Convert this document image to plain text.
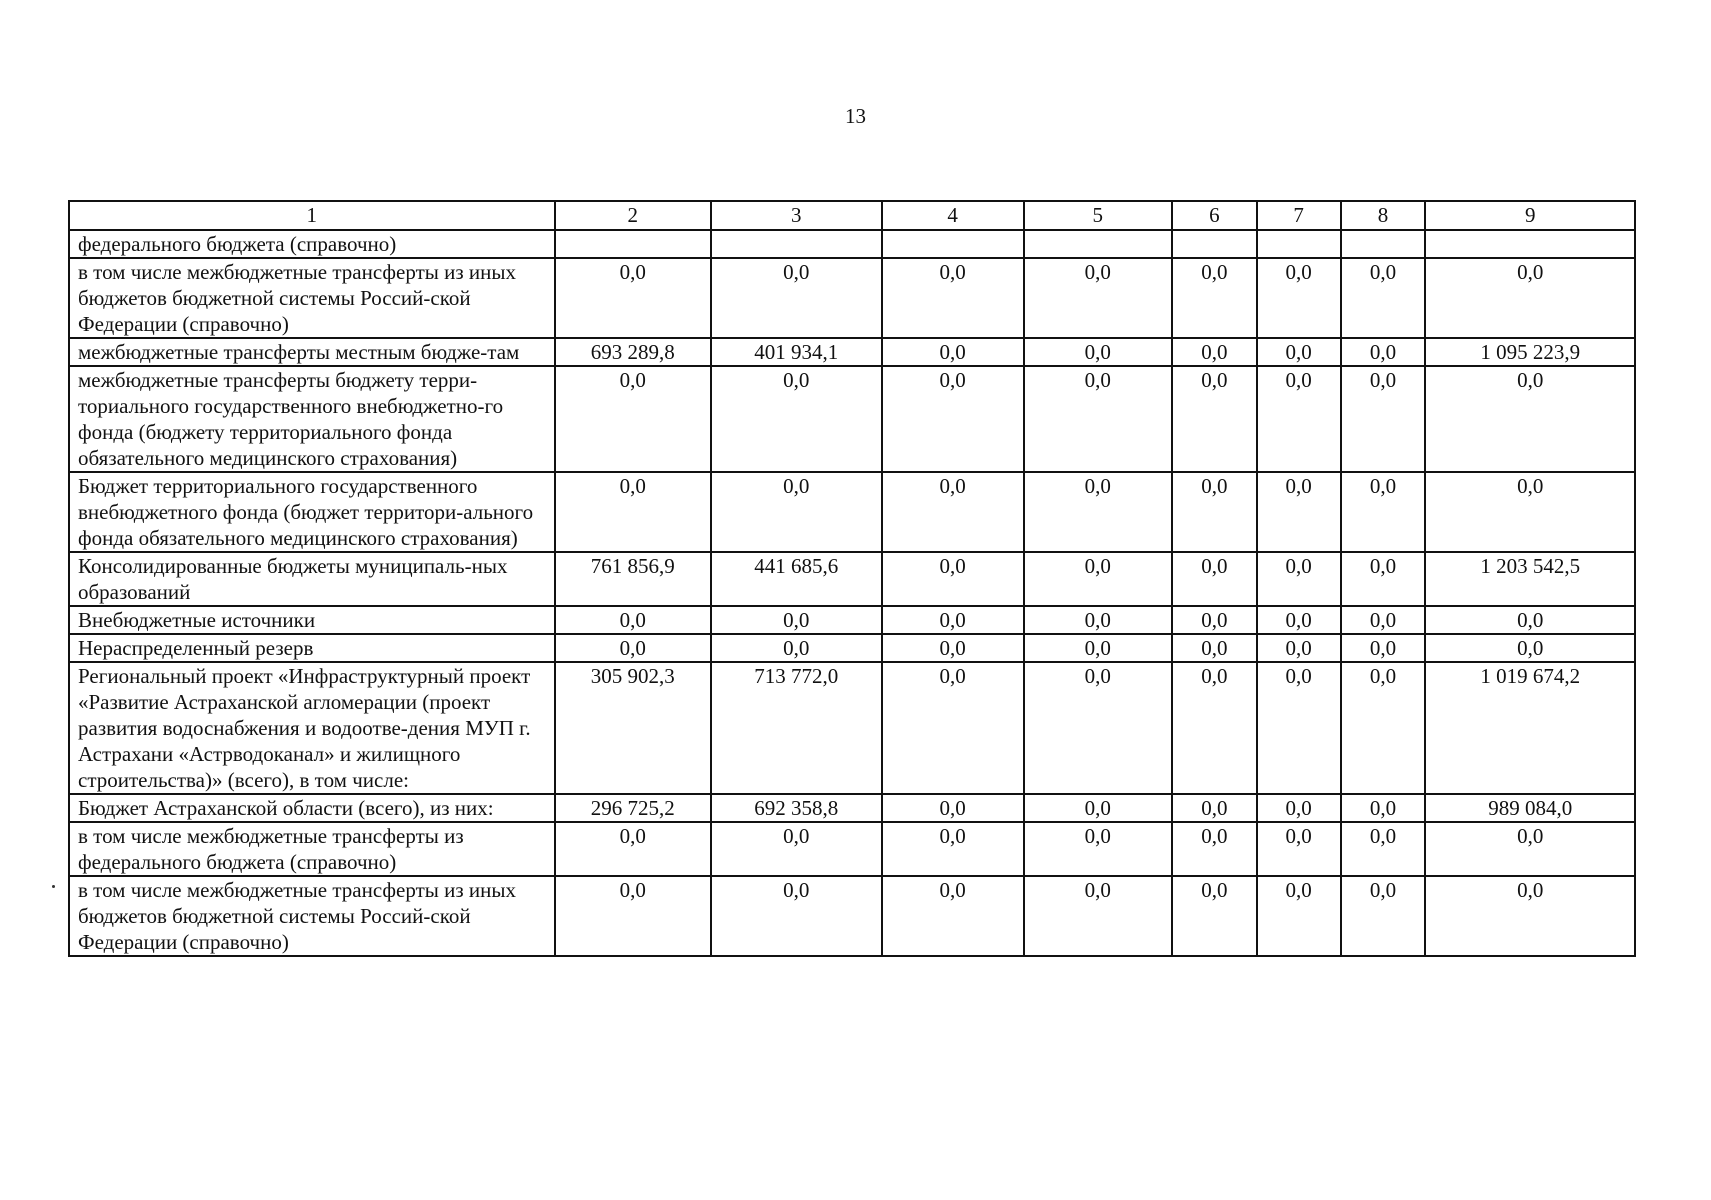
13
1	2	3	4	5	6	7	8	9
федерального бюджета (справочно)								
в том числе межбюджетные трансферты из иных бюджетов бюджетной системы Россий-ской Федерации (справочно)	0,0	0,0	0,0	0,0	0,0	0,0	0,0	0,0
межбюджетные трансферты местным бюдже-там	693 289,8	401 934,1	0,0	0,0	0,0	0,0	0,0	1 095 223,9
межбюджетные трансферты бюджету терри-ториального государственного внебюджетно-го фонда (бюджету территориального фонда обязательного медицинского страхования)	0,0	0,0	0,0	0,0	0,0	0,0	0,0	0,0
Бюджет территориального государственного внебюджетного фонда (бюджет территори-ального фонда обязательного медицинского страхования)	0,0	0,0	0,0	0,0	0,0	0,0	0,0	0,0
Консолидированные бюджеты муниципаль-ных образований	761 856,9	441 685,6	0,0	0,0	0,0	0,0	0,0	1 203 542,5
Внебюджетные источники	0,0	0,0	0,0	0,0	0,0	0,0	0,0	0,0
Нераспределенный резерв	0,0	0,0	0,0	0,0	0,0	0,0	0,0	0,0
Региональный проект «Инфраструктурный проект «Развитие Астраханской агломерации (проект развития водоснабжения и водоотве-дения МУП г. Астрахани «Астрводоканал» и жилищного строительства)» (всего), в том числе:	305 902,3	713 772,0	0,0	0,0	0,0	0,0	0,0	1 019 674,2
Бюджет Астраханской области (всего), из них:	296 725,2	692 358,8	0,0	0,0	0,0	0,0	0,0	989 084,0
в том числе межбюджетные трансферты из федерального бюджета (справочно)	0,0	0,0	0,0	0,0	0,0	0,0	0,0	0,0
в том числе межбюджетные трансферты из иных бюджетов бюджетной системы Россий-ской Федерации (справочно)	0,0	0,0	0,0	0,0	0,0	0,0	0,0	0,0
